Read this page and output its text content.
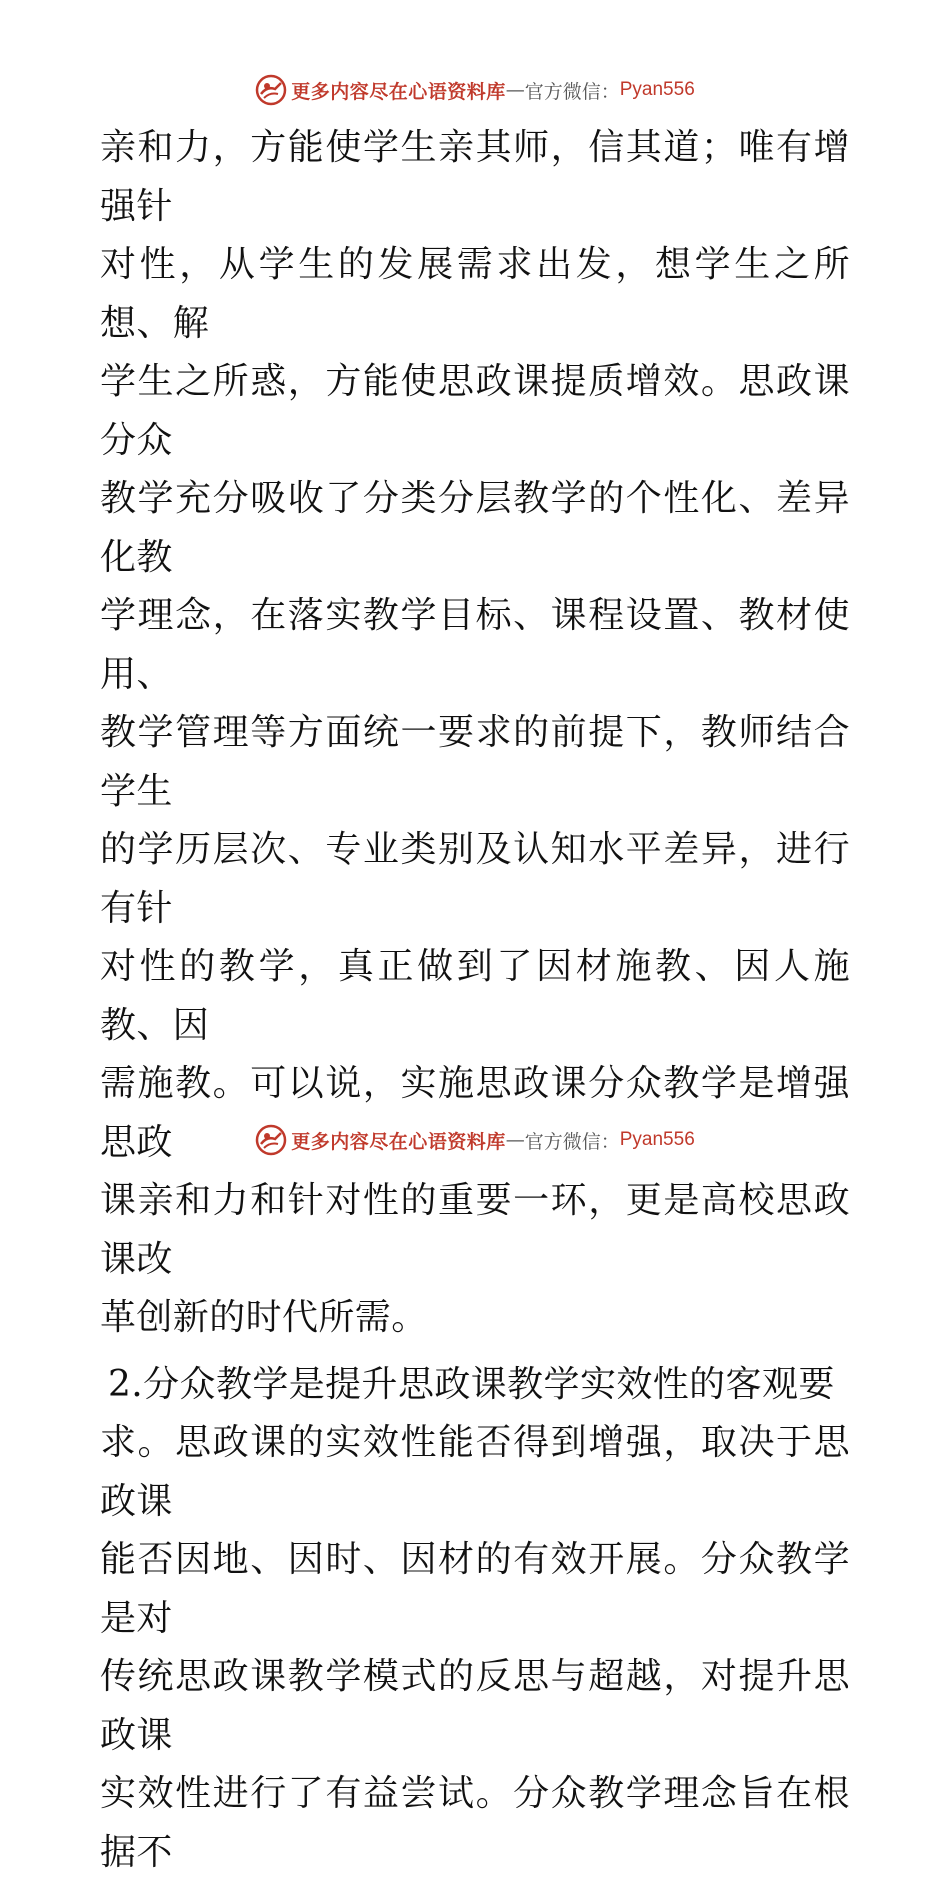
更多内容尽在心语资料库 — 官方微信： Pyan556
亲和力，方能使学生亲其师，信其道；唯有增强针
对性，从学生的发展需求出发，想学生之所想、解
学生之所惑，方能使思政课提质增效。思政课分众
教学充分吸收了分类分层教学的个性化、差异化教
学理念，在落实教学目标、课程设置、教材使用、
教学管理等方面统一要求的前提下，教师结合学生
的学历层次、专业类别及认知水平差异，进行有针
对性的教学，真正做到了因材施教、因人施教、因
需施教。可以说，实施思政课分众教学是增强思政
课亲和力和针对性的重要一环，更是高校思政课改
革创新的时代所需。
2.分众教学是提升思政课教学实效性的客观要
求。思政课的实效性能否得到增强，取决于思政课
能否因地、因时、因材的有效开展。分众教学是对
传统思政课教学模式的反思与超越，对提升思政课
实效性进行了有益尝试。分众教学理念旨在根据不
更多内容尽在心语资料库 — 官方微信： Pyan556
